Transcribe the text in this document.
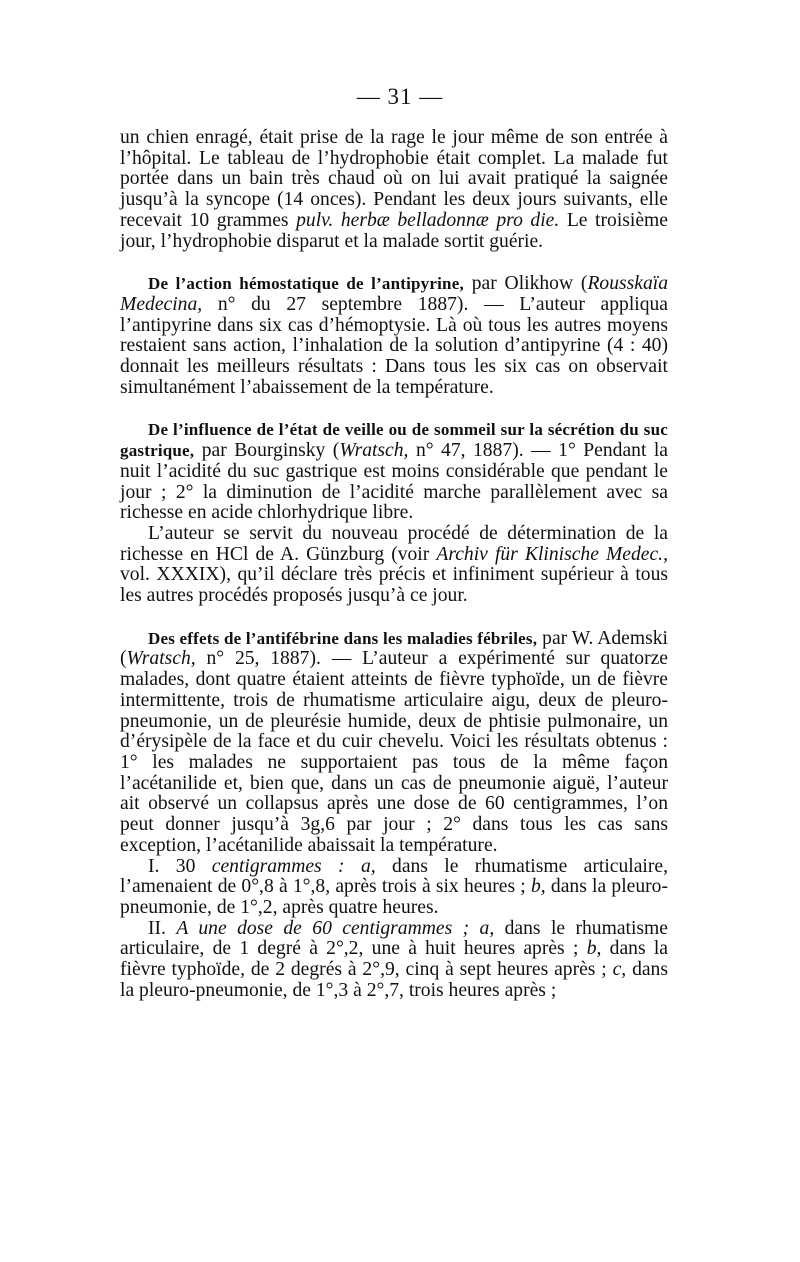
— 31 —

un chien enragé, était prise de la rage le jour même de son entrée à l’hôpital. Le tableau de l’hydrophobie était complet. La malade fut portée dans un bain très chaud où on lui avait pratiqué la saignée jusqu’à la syncope (14 onces). Pendant les deux jours suivants, elle recevait 10 grammes pulv. herbæ belladonnæ pro die. Le troisième jour, l’hydrophobie disparut et la malade sortit guérie.

De l’action hémostatique de l’antipyrine, par Olikhow (Rousskaïa Medecina, n° du 27 septembre 1887). — L’auteur appliqua l’antipyrine dans six cas d’hémoptysie. Là où tous les autres moyens restaient sans action, l’inhalation de la solution d’antipyrine (4 : 40) donnait les meilleurs résultats : Dans tous les six cas on observait simultanément l’abaissement de la température.

De l’influence de l’état de veille ou de sommeil sur la sécrétion du suc gastrique, par Bourginsky (Wratsch, n° 47, 1887). — 1° Pendant la nuit l’acidité du suc gastrique est moins considérable que pendant le jour ; 2° la diminution de l’acidité marche parallèlement avec sa richesse en acide chlorhydrique libre.

L’auteur se servit du nouveau procédé de détermination de la richesse en HCl de A. Günzburg (voir Archiv für Klinische Medec., vol. XXXIX), qu’il déclare très précis et infiniment supérieur à tous les autres procédés proposés jusqu’à ce jour.

Des effets de l’antifébrine dans les maladies fébriles, par W. Ademski (Wratsch, n° 25, 1887). — L’auteur a expérimenté sur quatorze malades, dont quatre étaient atteints de fièvre typhoïde, un de fièvre intermittente, trois de rhumatisme articulaire aigu, deux de pleuro-pneumonie, un de pleurésie humide, deux de phtisie pulmonaire, un d’érysipèle de la face et du cuir chevelu. Voici les résultats obtenus : 1° les malades ne supportaient pas tous de la même façon l’acétanilide et, bien que, dans un cas de pneumonie aiguë, l’auteur ait observé un collapsus après une dose de 60 centigrammes, l’on peut donner jusqu’à 3g,6 par jour ; 2° dans tous les cas sans exception, l’acétanilide abaissait la température.

I. 30 centigrammes : a, dans le rhumatisme articulaire, l’amenaient de 0°,8 à 1°,8, après trois à six heures ; b, dans la pleuro-pneumonie, de 1°,2, après quatre heures.

II. A une dose de 60 centigrammes ; a, dans le rhumatisme articulaire, de 1 degré à 2°,2, une à huit heures après ; b, dans la fièvre typhoïde, de 2 degrés à 2°,9, cinq à sept heures après ; c, dans la pleuro-pneumonie, de 1°,3 à 2°,7, trois heures après ;
